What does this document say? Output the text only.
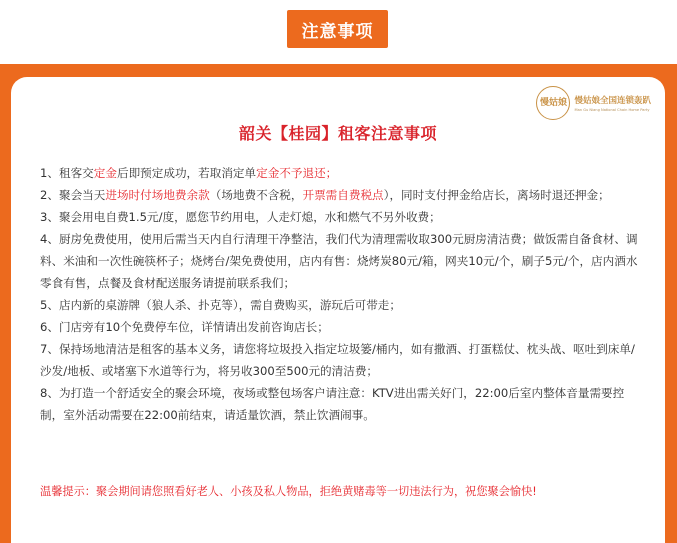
注意事项
慢姑娘 慢姑娘全国连锁轰趴
Man Gu Niang National Chain Home Party
韶关【桂园】租客注意事项

1、租客交定金后即预定成功，若取消定单定金不予退还；

2、聚会当天进场时付场地费余款（场地费不含税，开票需自费税点），同时支付押金给店长，离场时退还押金；

3、聚会用电自费1.5元/度，愿您节约用电，人走灯熄，水和燃气不另外收费；

4、厨房免费使用，使用后需当天内自行清理干净整洁，我们代为清理需收取300元厨房清洁费；做饭需自备食材、调料、米油和一次性碗筷杯子；烧烤台/架免费使用，店内有售：烧烤炭80元/箱，网夹10元/个，刷子5元/个，店内酒水零食有售，点餐及食材配送服务请提前联系我们；

5、店内新的桌游牌（狼人杀、扑克等），需自费购买，游玩后可带走；

6、门店旁有10个免费停车位，详情请出发前咨询店长；

7、保持场地清洁是租客的基本义务，请您将垃圾投入指定垃圾篓/桶内，如有撒酒、打蛋糕仗、枕头战、呕吐到床单/沙发/地板、或堵塞下水道等行为，将另收300至500元的清洁费；

8、为打造一个舒适安全的聚会环境，夜场或整包场客户请注意：KTV进出需关好门，22:00后室内整体音量需要控制，室外活动需要在22:00前结束，请适量饮酒，禁止饮酒闹事。

温馨提示：聚会期间请您照看好老人、小孩及私人物品，拒绝黄赌毒等一切违法行为，祝您聚会愉快!
